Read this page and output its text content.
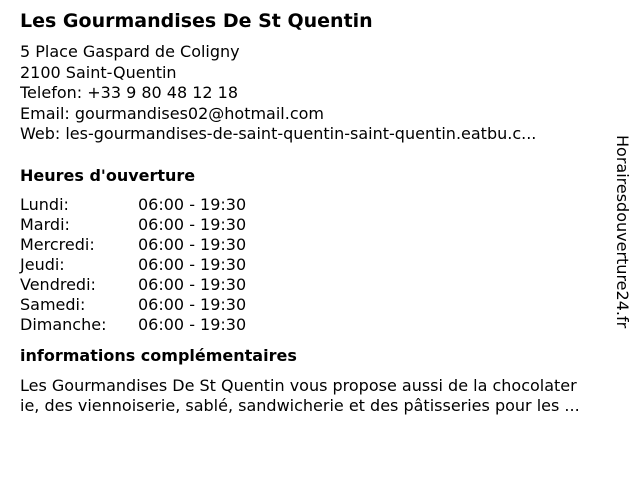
Les Gourmandises De St Quentin
5 Place Gaspard de Coligny
2100 Saint-Quentin
Telefon: +33 9 80 48 12 18
Email: gourmandises02@hotmail.com
Web: les-gourmandises-de-saint-quentin-saint-quentin.eatbu.c...
Heures d'ouverture
Lundi:	06:00 - 19:30
Mardi:	06:00 - 19:30
Mercredi:	06:00 - 19:30
Jeudi:	06:00 - 19:30
Vendredi:	06:00 - 19:30
Samedi:	06:00 - 19:30
Dimanche:	06:00 - 19:30
informations complémentaires
Les Gourmandises De St Quentin vous propose aussi de la chocolater
ie, des viennoiserie, sablé, sandwicherie et des pâtisseries pour les ...
Horairesdouverture24.fr
